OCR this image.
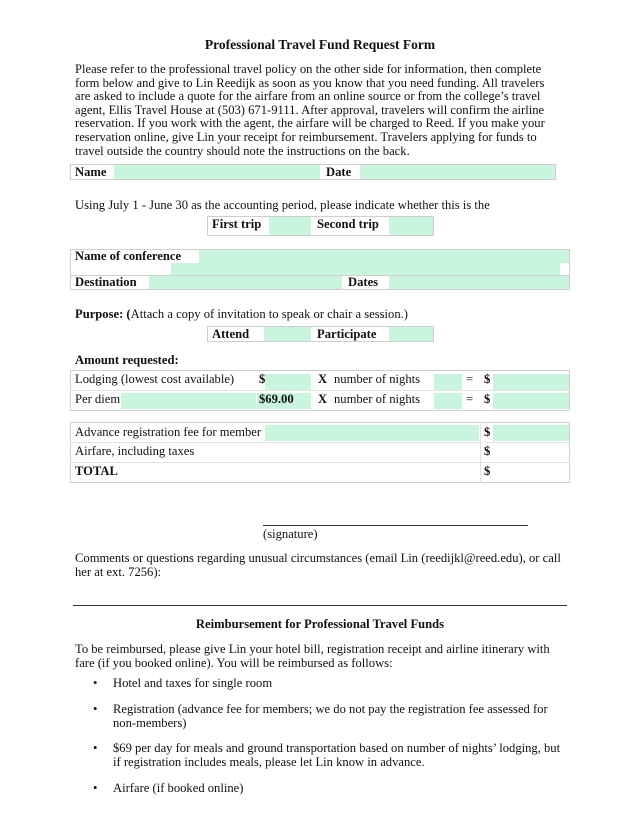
Professional Travel Fund Request Form
Please refer to the professional travel policy on the other side for information, then complete form below and give to Lin Reedijk as soon as you know that you need funding. All travelers are asked to include a quote for the airfare from an online source or from the college’s travel agent, Ellis Travel House at (503) 671-9111. After approval, travelers will confirm the airline reservation. If you work with the agent, the airfare will be charged to Reed. If you make your reservation online, give Lin your receipt for reimbursement. Travelers applying for funds to travel outside the country should note the instructions on the back.
Name	Date
Using July 1 - June 30 as the accounting period, please indicate whether this is the
First trip	Second trip
Name of conference
Destination	Dates
Purpose: (Attach a copy of invitation to speak or chair a session.)
Attend	Participate
Amount requested:
Lodging (lowest cost available) $	X number of nights	= $
Per diem	$69.00 X number of nights	= $
Advance registration fee for member	$
Airfare, including taxes	$
TOTAL	$
(signature)
Comments or questions regarding unusual circumstances (email Lin (reedijkl@reed.edu), or call her at ext. 7256):
Reimbursement for Professional Travel Funds
To be reimbursed, please give Lin your hotel bill, registration receipt and airline itinerary with fare (if you booked online). You will be reimbursed as follows:
• Hotel and taxes for single room
• Registration (advance fee for members; we do not pay the registration fee assessed for non-members)
• $69 per day for meals and ground transportation based on number of nights’ lodging, but if registration includes meals, please let Lin know in advance.
• Airfare (if booked online)
